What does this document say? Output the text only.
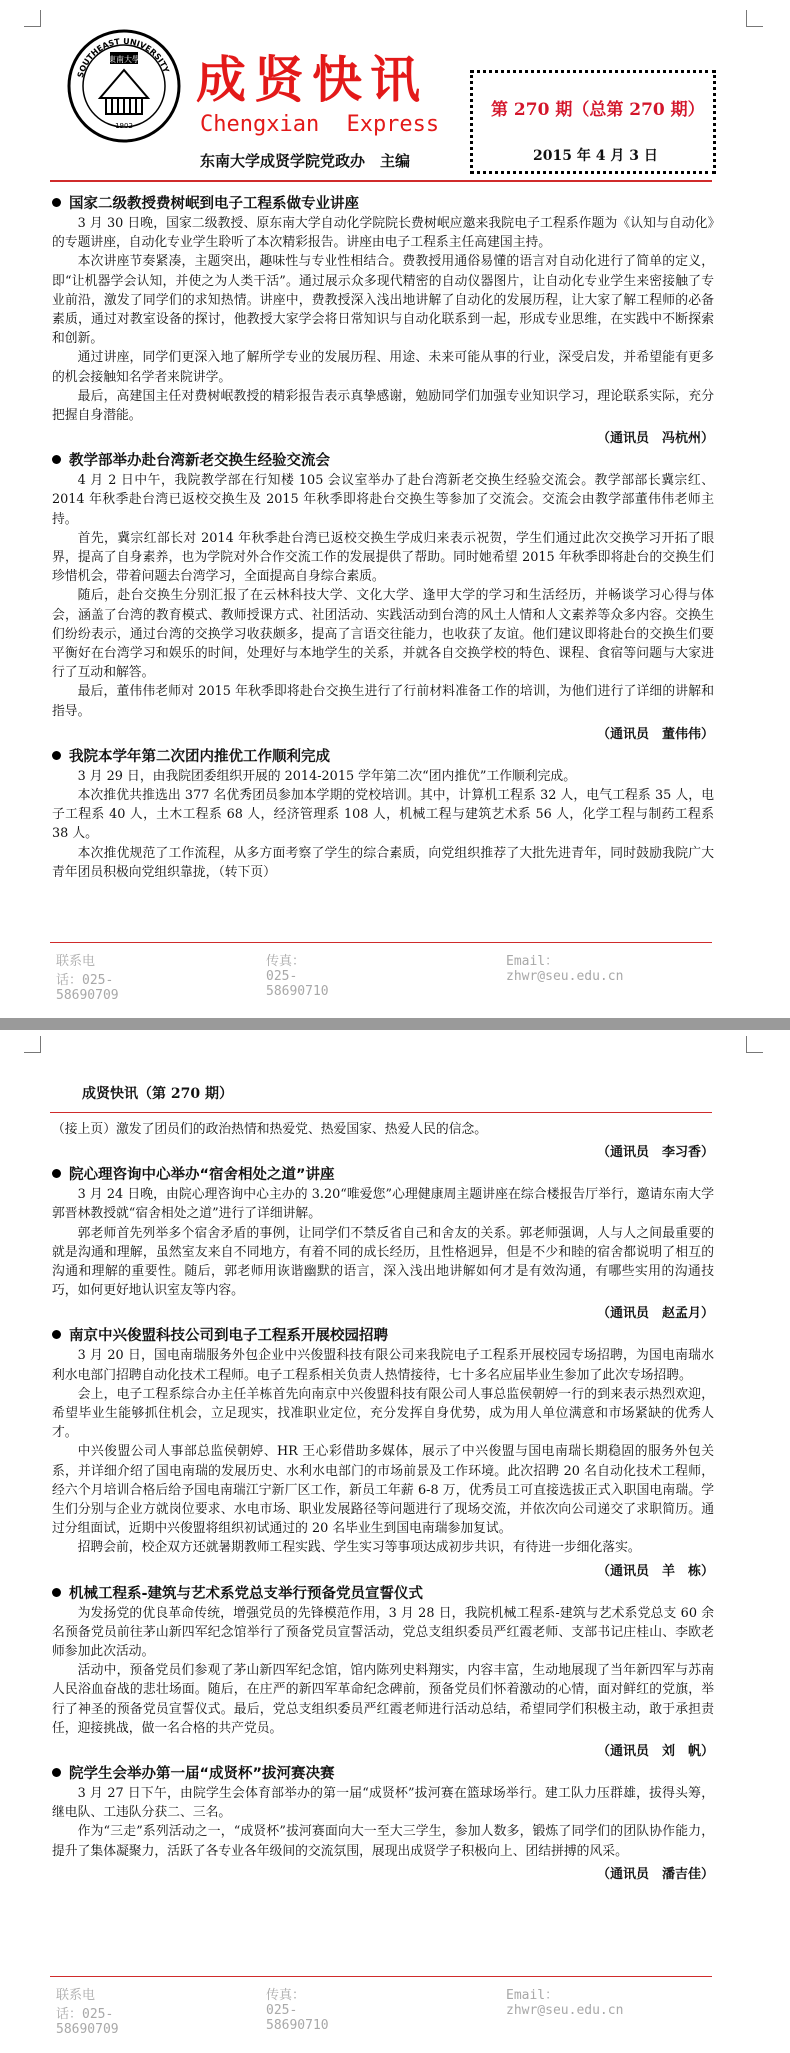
SOUTHEAST UNIVERSITY
東南大學
1902
成贤快讯
Chengxian Express
东南大学成贤学院党政办　主编
第 270 期（总第 270 期）
2015 年 4 月 3 日
国家二级教授费树岷到电子工程系做专业讲座

3 月 30 日晚，国家二级教授、原东南大学自动化学院院长费树岷应邀来我院电子工程系作题为《认知与自动化》的专题讲座，自动化专业学生聆听了本次精彩报告。讲座由电子工程系主任高建国主持。

本次讲座节奏紧凑，主题突出，趣味性与专业性相结合。费教授用通俗易懂的语言对自动化进行了简单的定义，即“让机器学会认知，并使之为人类干活”。通过展示众多现代精密的自动仪器图片，让自动化专业学生来密接触了专业前沿，激发了同学们的求知热情。讲座中，费教授深入浅出地讲解了自动化的发展历程，让大家了解工程师的必备素质，通过对教室设备的探讨，他教授大家学会将日常知识与自动化联系到一起，形成专业思维，在实践中不断探索和创新。

通过讲座，同学们更深入地了解所学专业的发展历程、用途、未来可能从事的行业，深受启发，并希望能有更多的机会接触知名学者来院讲学。

最后，高建国主任对费树岷教授的精彩报告表示真挚感谢，勉励同学们加强专业知识学习，理论联系实际，充分把握自身潜能。

（通讯员　冯杭州）
教学部举办赴台湾新老交换生经验交流会

4 月 2 日中午，我院教学部在行知楼 105 会议室举办了赴台湾新老交换生经验交流会。教学部部长冀宗红、2014 年秋季赴台湾已返校交换生及 2015 年秋季即将赴台交换生等参加了交流会。交流会由教学部董伟伟老师主持。

首先，冀宗红部长对 2014 年秋季赴台湾已返校交换生学成归来表示祝贺，学生们通过此次交换学习开拓了眼界，提高了自身素养，也为学院对外合作交流工作的发展提供了帮助。同时她希望 2015 年秋季即将赴台的交换生们珍惜机会，带着问题去台湾学习，全面提高自身综合素质。

随后，赴台交换生分别汇报了在云林科技大学、文化大学、逢甲大学的学习和生活经历，并畅谈学习心得与体会，涵盖了台湾的教育模式、教师授课方式、社团活动、实践活动到台湾的风土人情和人文素养等众多内容。交换生们纷纷表示，通过台湾的交换学习收获颇多，提高了言语交往能力，也收获了友谊。他们建议即将赴台的交换生们要平衡好在台湾学习和娱乐的时间，处理好与本地学生的关系，并就各自交换学校的特色、课程、食宿等问题与大家进行了互动和解答。

最后，董伟伟老师对 2015 年秋季即将赴台交换生进行了行前材料准备工作的培训，为他们进行了详细的讲解和指导。

（通讯员　董伟伟）
我院本学年第二次团内推优工作顺利完成

3 月 29 日，由我院团委组织开展的 2014-2015 学年第二次“团内推优”工作顺利完成。

本次推优共推选出 377 名优秀团员参加本学期的党校培训。其中，计算机工程系 32 人，电气工程系 35 人，电子工程系 40 人，土木工程系 68 人，经济管理系 108 人，机械工程与建筑艺术系 56 人，化学工程与制药工程系 38 人。

本次推优规范了工作流程，从多方面考察了学生的综合素质，向党组织推荐了大批先进青年，同时鼓励我院广大青年团员积极向党组织靠拢，（转下页）

联系电话：025-58690709
传真：025-58690710
Email：zhwr@seu.edu.cn
成贤快讯（第 270 期）

（接上页）激发了团员们的政治热情和热爱党、热爱国家、热爱人民的信念。

（通讯员　李习香）
院心理咨询中心举办“宿舍相处之道”讲座

3 月 24 日晚，由院心理咨询中心主办的 3.20“唯爱您”心理健康周主题讲座在综合楼报告厅举行，邀请东南大学郭晋林教授就“宿舍相处之道”进行了详细讲解。

郭老师首先列举多个宿舍矛盾的事例，让同学们不禁反省自己和舍友的关系。郭老师强调，人与人之间最重要的就是沟通和理解，虽然室友来自不同地方，有着不同的成长经历，且性格迥异，但是不少和睦的宿舍都说明了相互的沟通和理解的重要性。随后，郭老师用诙谐幽默的语言，深入浅出地讲解如何才是有效沟通，有哪些实用的沟通技巧，如何更好地认识室友等内容。

（通讯员　赵孟月）
南京中兴俊盟科技公司到电子工程系开展校园招聘

3 月 20 日，国电南瑞服务外包企业中兴俊盟科技有限公司来我院电子工程系开展校园专场招聘，为国电南瑞水利水电部门招聘自动化技术工程师。电子工程系相关负责人热情接待，七十多名应届毕业生参加了此次专场招聘。

会上，电子工程系综合办主任羊栋首先向南京中兴俊盟科技有限公司人事总监侯朝婷一行的到来表示热烈欢迎，希望毕业生能够抓住机会，立足现实，找准职业定位，充分发挥自身优势，成为用人单位满意和市场紧缺的优秀人才。

中兴俊盟公司人事部总监侯朝婷、HR 王心彩借助多媒体，展示了中兴俊盟与国电南瑞长期稳固的服务外包关系，并详细介绍了国电南瑞的发展历史、水利水电部门的市场前景及工作环境。此次招聘 20 名自动化技术工程师，经六个月培训合格后给予国电南瑞江宁新厂区工作，新员工年薪 6-8 万，优秀员工可直接选拔正式入职国电南瑞。学生们分别与企业方就岗位要求、水电市场、职业发展路径等问题进行了现场交流，并依次向公司递交了求职简历。通过分组面试，近期中兴俊盟将组织初试通过的 20 名毕业生到国电南瑞参加复试。

招聘会前，校企双方还就暑期教师工程实践、学生实习等事项达成初步共识，有待进一步细化落实。

（通讯员　羊　栋）
机械工程系-建筑与艺术系党总支举行预备党员宣誓仪式

为发扬党的优良革命传统，增强党员的先锋模范作用，3 月 28 日，我院机械工程系-建筑与艺术系党总支 60 余名预备党员前往茅山新四军纪念馆举行了预备党员宣誓活动，党总支组织委员严红霞老师、支部书记庄桂山、李欧老师参加此次活动。

活动中，预备党员们参观了茅山新四军纪念馆，馆内陈列史料翔实，内容丰富，生动地展现了当年新四军与苏南人民浴血奋战的悲壮场面。随后，在庄严的新四军革命纪念碑前，预备党员们怀着激动的心情，面对鲜红的党旗，举行了神圣的预备党员宣誓仪式。最后，党总支组织委员严红霞老师进行活动总结，希望同学们积极主动，敢于承担责任，迎接挑战，做一名合格的共产党员。

（通讯员　刘　帆）
院学生会举办第一届“成贤杯”拔河赛决赛

3 月 27 日下午，由院学生会体育部举办的第一届“成贤杯”拔河赛在篮球场举行。建工队力压群雄，拔得头筹，继电队、工违队分获二、三名。

作为“三走”系列活动之一，“成贤杯”拔河赛面向大一至大三学生，参加人数多，锻炼了同学们的团队协作能力，提升了集体凝聚力，活跃了各专业各年级间的交流氛围，展现出成贤学子积极向上、团结拼搏的风采。

（通讯员　潘吉佳）
联系电话：025-58690709
传真：025-58690710
Email：zhwr@seu.edu.cn
